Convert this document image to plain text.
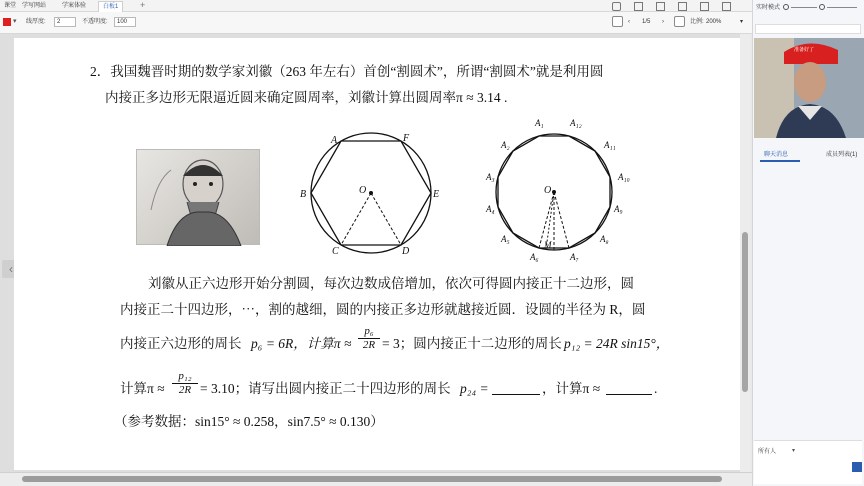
课堂 学写网站	学案体验	白板1	+
▾ 线厚度:	2	不透明度:	100	‹ 1/5 ›	比例: 200%	▾
‹
2．我国魏晋时期的数学家刘徽（263 年左右）首创“割圆术”，所谓“割圆术”就是利用圆
内接正多边形无限逼近圆来确定圆周率，刘徽计算出圆周率π ≈ 3.14 .
A	F
E
D
C
B	O
A₁
A₂
A₃
A₄
A₅
A₆	A₇
A₈
A₉
A₁₀
A₁₁
A₁₂
O
M
刘徽从正六边形开始分割圆，每次边数成倍增加，依次可得圆内接正十二边形，圆
内接正二十四边形，⋯，割的越细，圆的内接正多边形就越接近圆．设圆的半径为 R，圆
内接正六边形的周长 p₆ = 6R，计算π ≈
p₆
2R = 3；圆内接正十二边形的周长 p₁₂ = 24R sin15°，
计算π ≈
p₁₂
2R = 3.10；请写出圆内接正二十四边形的周长 p₂₄ =	，计算π ≈	.
（参考数据：sin15° ≈ 0.258，sin7.5° ≈ 0.130）
实时模式
准备好了
聊天消息	成员列表(1)
所有人	▾
